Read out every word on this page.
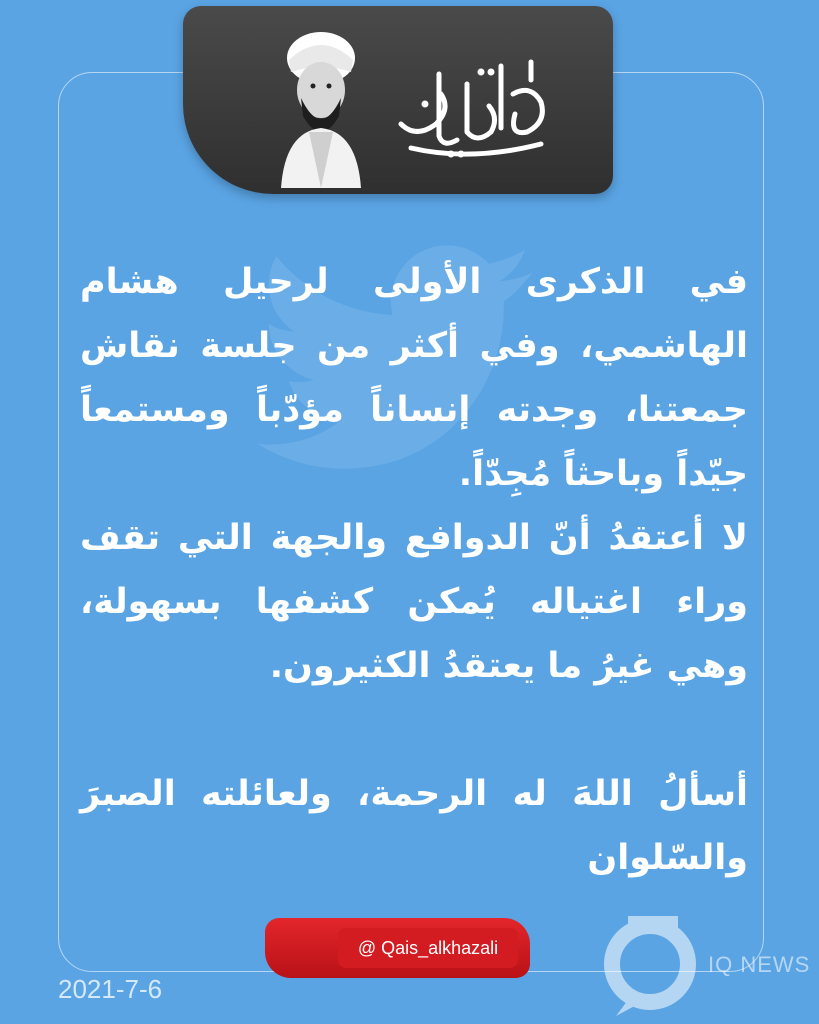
في الذكرى الأولى لرحيل هشام الهاشمي، وفي أكثر من جلسة نقاش جمعتنا، وجدته إنساناً مؤدّباً ومستمعاً جيّداً وباحثاً مُجِدّاً.

لا أعتقدُ أنّ الدوافع والجهة التي تقف وراء اغتياله يُمكن كشفها بسهولة، وهي غيرُ ما يعتقدُ الكثيرون.

أسألُ اللهَ له الرحمة، ولعائلته الصبرَ والسّلوان

@ Qais_alkhazali
2021-7-6
IQ NEWS
